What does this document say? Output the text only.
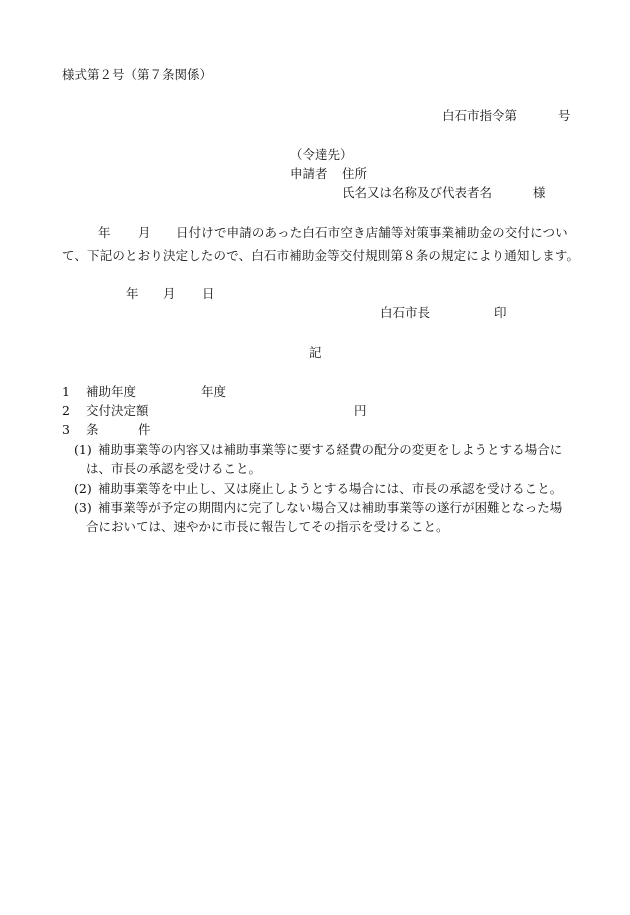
様式第２号（第７条関係）
白石市指令第	号
（令達先）
申請者 住所
氏名又は名称及び代表者名	様
年 月 日付けで申請のあった白石市空き店舗等対策事業補助金の交付につい
て、下記のとおり決定したので、白石市補助金等交付規則第８条の規定により通知します。
年 月 日
白石市長	印
記
1 補助年度	年度
2 交付決定額	円
3 条	件
(1) 補助事業等の内容又は補助事業等に要する経費の配分の変更をしようとする場合に
は、市長の承認を受けること。
(2) 補助事業等を中止し、又は廃止しようとする場合には、市長の承認を受けること。
(3) 補事業等が予定の期間内に完了しない場合又は補助事業等の遂行が困難となった場
合においては、速やかに市長に報告してその指示を受けること。
